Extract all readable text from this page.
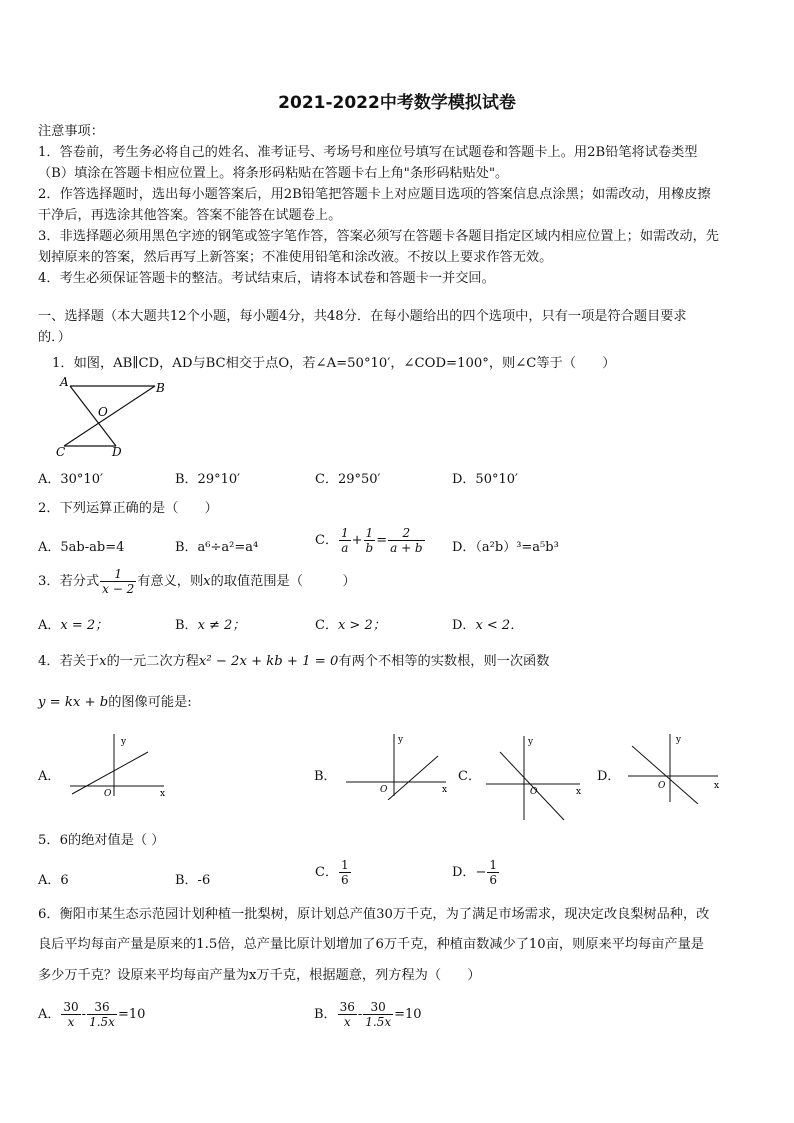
2021-2022中考数学模拟试卷
注意事项：
1．答卷前，考生务必将自己的姓名、准考证号、考场号和座位号填写在试题卷和答题卡上。用2B铅笔将试卷类型
（B）填涂在答题卡相应位置上。将条形码粘贴在答题卡右上角"条形码粘贴处"。
2．作答选择题时，选出每小题答案后，用2B铅笔把答题卡上对应题目选项的答案信息点涂黑；如需改动，用橡皮擦
干净后，再选涂其他答案。答案不能答在试题卷上。
3．非选择题必须用黑色字迹的钢笔或签字笔作答，答案必须写在答题卡各题目指定区域内相应位置上；如需改动，先
划掉原来的答案，然后再写上新答案；不准使用铅笔和涂改液。不按以上要求作答无效。
4．考生必须保证答题卡的整洁。考试结束后，请将本试卷和答题卡一并交回。
一、选择题（本大题共12个小题，每小题4分，共48分．在每小题给出的四个选项中，只有一项是符合题目要求
的．）
1．如图，AB∥CD，AD与BC相交于点O，若∠A=50°10′，∠COD=100°，则∠C等于（　　）
A	B
O
C	D
A．30°10′	B．29°10′	C．29°50′	D．50°10′
2．下列运算正确的是（　　）
A．5ab-ab=4	B．a⁶÷a²=a⁴	C． $\frac{1}{a} + \frac{1}{b} = \frac{2}{a + b}$ D．（a²b）³=a⁵b³
3．若分式 $\frac{1}{x - 2}$ 有意义，则x的取值范围是（　　　）
A．x = 2；	B．x ≠ 2；	C．x > 2；	D．x < 2．
4．若关于x的一元二次方程x² − 2x + kb + 1 = 0有两个不相等的实数根，则一次函数
y = kx + b的图像可能是:
A．
y
x
O
B．
y
x
O
C．
y
x
O
D．
y
x
O
5．6的绝对值是（ ）
A．6	B．-6
C． $\frac{1}{6}$	D．− $\frac{1}{6}$
6．衡阳市某生态示范园计划种植一批梨树，原计划总产值30万千克，为了满足市场需求，现决定改良梨树品种，改
良后平均每亩产量是原来的1.5倍，总产量比原计划增加了6万千克，种植亩数减少了10亩，则原来平均每亩产量是
多少万千克？设原来平均每亩产量为x万千克，根据题意，列方程为（　　）
A． $\frac{30}{x} - \frac{36}{1.5x} =10$	B． $\frac{36}{x} - \frac{30}{1.5x} =10$
